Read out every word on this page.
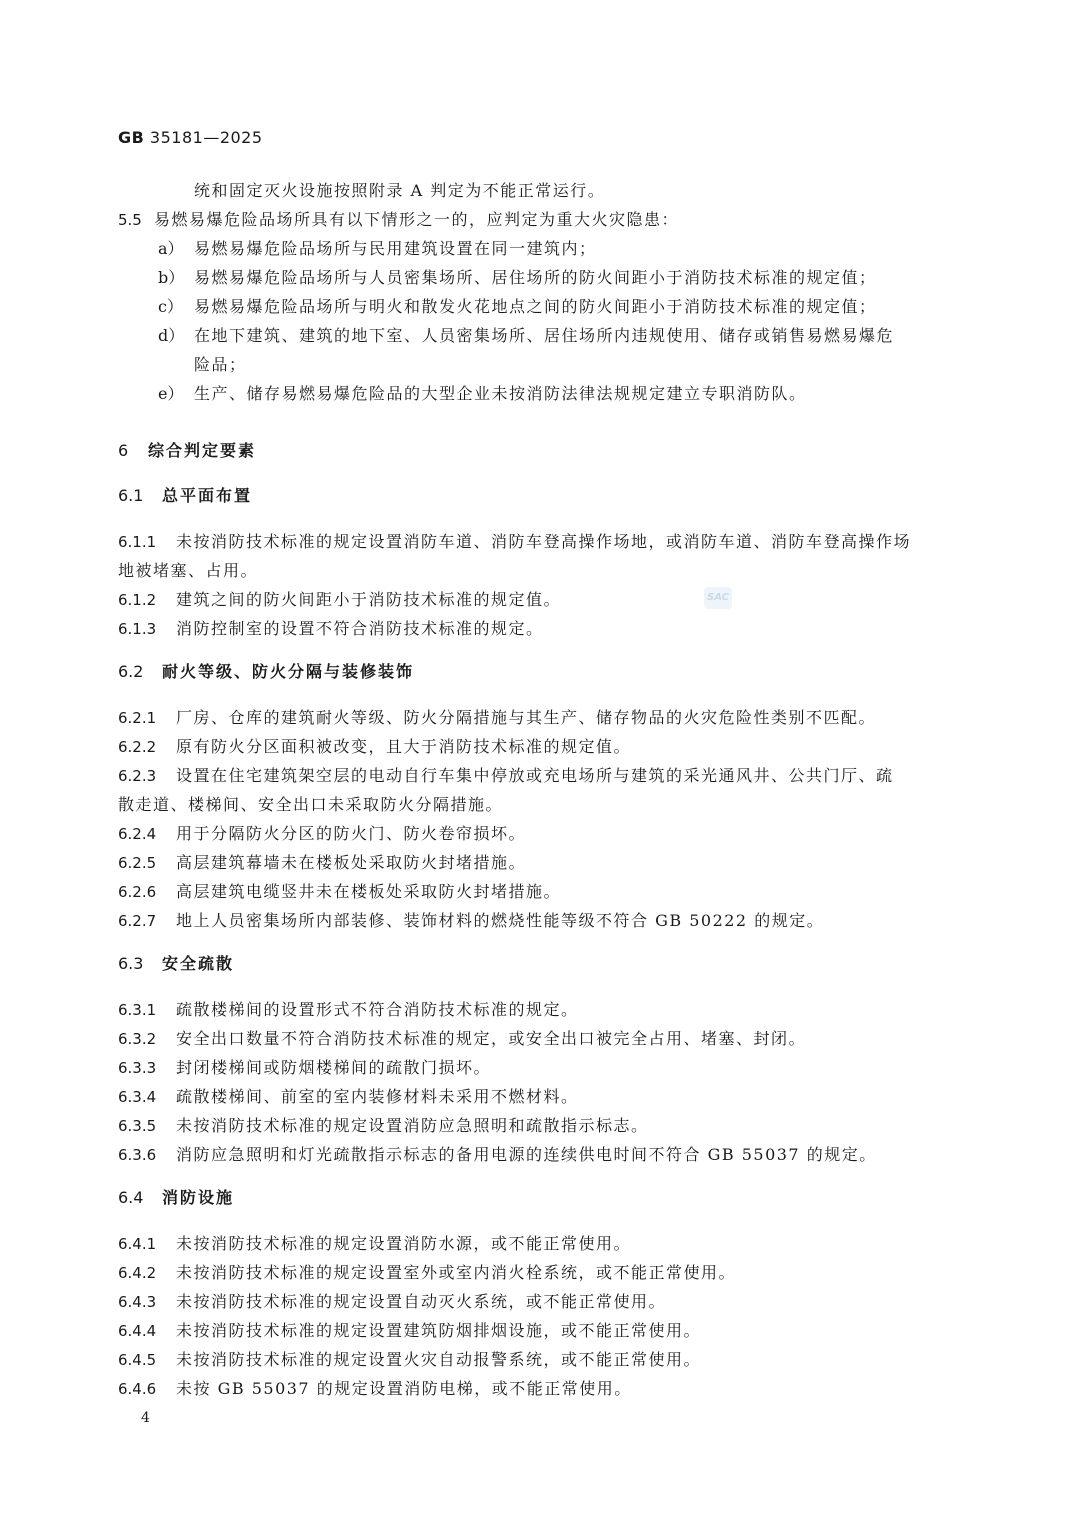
GB 35181—2025
统和固定灭火设施按照附录 A 判定为不能正常运行。
5.5 易燃易爆危险品场所具有以下情形之一的，应判定为重大火灾隐患：
a） 易燃易爆危险品场所与民用建筑设置在同一建筑内；
b） 易燃易爆危险品场所与人员密集场所、居住场所的防火间距小于消防技术标准的规定值；
c） 易燃易爆危险品场所与明火和散发火花地点之间的防火间距小于消防技术标准的规定值；
d） 在地下建筑、建筑的地下室、人员密集场所、居住场所内违规使用、储存或销售易燃易爆危
险品；
e） 生产、储存易燃易爆危险品的大型企业未按消防法律法规规定建立专职消防队。
6 综合判定要素
6.1 总平面布置
6.1.1 未按消防技术标准的规定设置消防车道、消防车登高操作场地，或消防车道、消防车登高操作场
地被堵塞、占用。
6.1.2 建筑之间的防火间距小于消防技术标准的规定值。
6.1.3 消防控制室的设置不符合消防技术标准的规定。
6.2 耐火等级、防火分隔与装修装饰
6.2.1 厂房、仓库的建筑耐火等级、防火分隔措施与其生产、储存物品的火灾危险性类别不匹配。
6.2.2 原有防火分区面积被改变，且大于消防技术标准的规定值。
6.2.3 设置在住宅建筑架空层的电动自行车集中停放或充电场所与建筑的采光通风井、公共门厅、疏
散走道、楼梯间、安全出口未采取防火分隔措施。
6.2.4 用于分隔防火分区的防火门、防火卷帘损坏。
6.2.5 高层建筑幕墙未在楼板处采取防火封堵措施。
6.2.6 高层建筑电缆竖井未在楼板处采取防火封堵措施。
6.2.7 地上人员密集场所内部装修、装饰材料的燃烧性能等级不符合 GB 50222 的规定。
6.3 安全疏散
6.3.1 疏散楼梯间的设置形式不符合消防技术标准的规定。
6.3.2 安全出口数量不符合消防技术标准的规定，或安全出口被完全占用、堵塞、封闭。
6.3.3 封闭楼梯间或防烟楼梯间的疏散门损坏。
6.3.4 疏散楼梯间、前室的室内装修材料未采用不燃材料。
6.3.5 未按消防技术标准的规定设置消防应急照明和疏散指示标志。
6.3.6 消防应急照明和灯光疏散指示标志的备用电源的连续供电时间不符合 GB 55037 的规定。
6.4 消防设施
6.4.1 未按消防技术标准的规定设置消防水源，或不能正常使用。
6.4.2 未按消防技术标准的规定设置室外或室内消火栓系统，或不能正常使用。
6.4.3 未按消防技术标准的规定设置自动灭火系统，或不能正常使用。
6.4.4 未按消防技术标准的规定设置建筑防烟排烟设施，或不能正常使用。
6.4.5 未按消防技术标准的规定设置火灾自动报警系统，或不能正常使用。
6.4.6 未按 GB 55037 的规定设置消防电梯，或不能正常使用。
SAC
4
